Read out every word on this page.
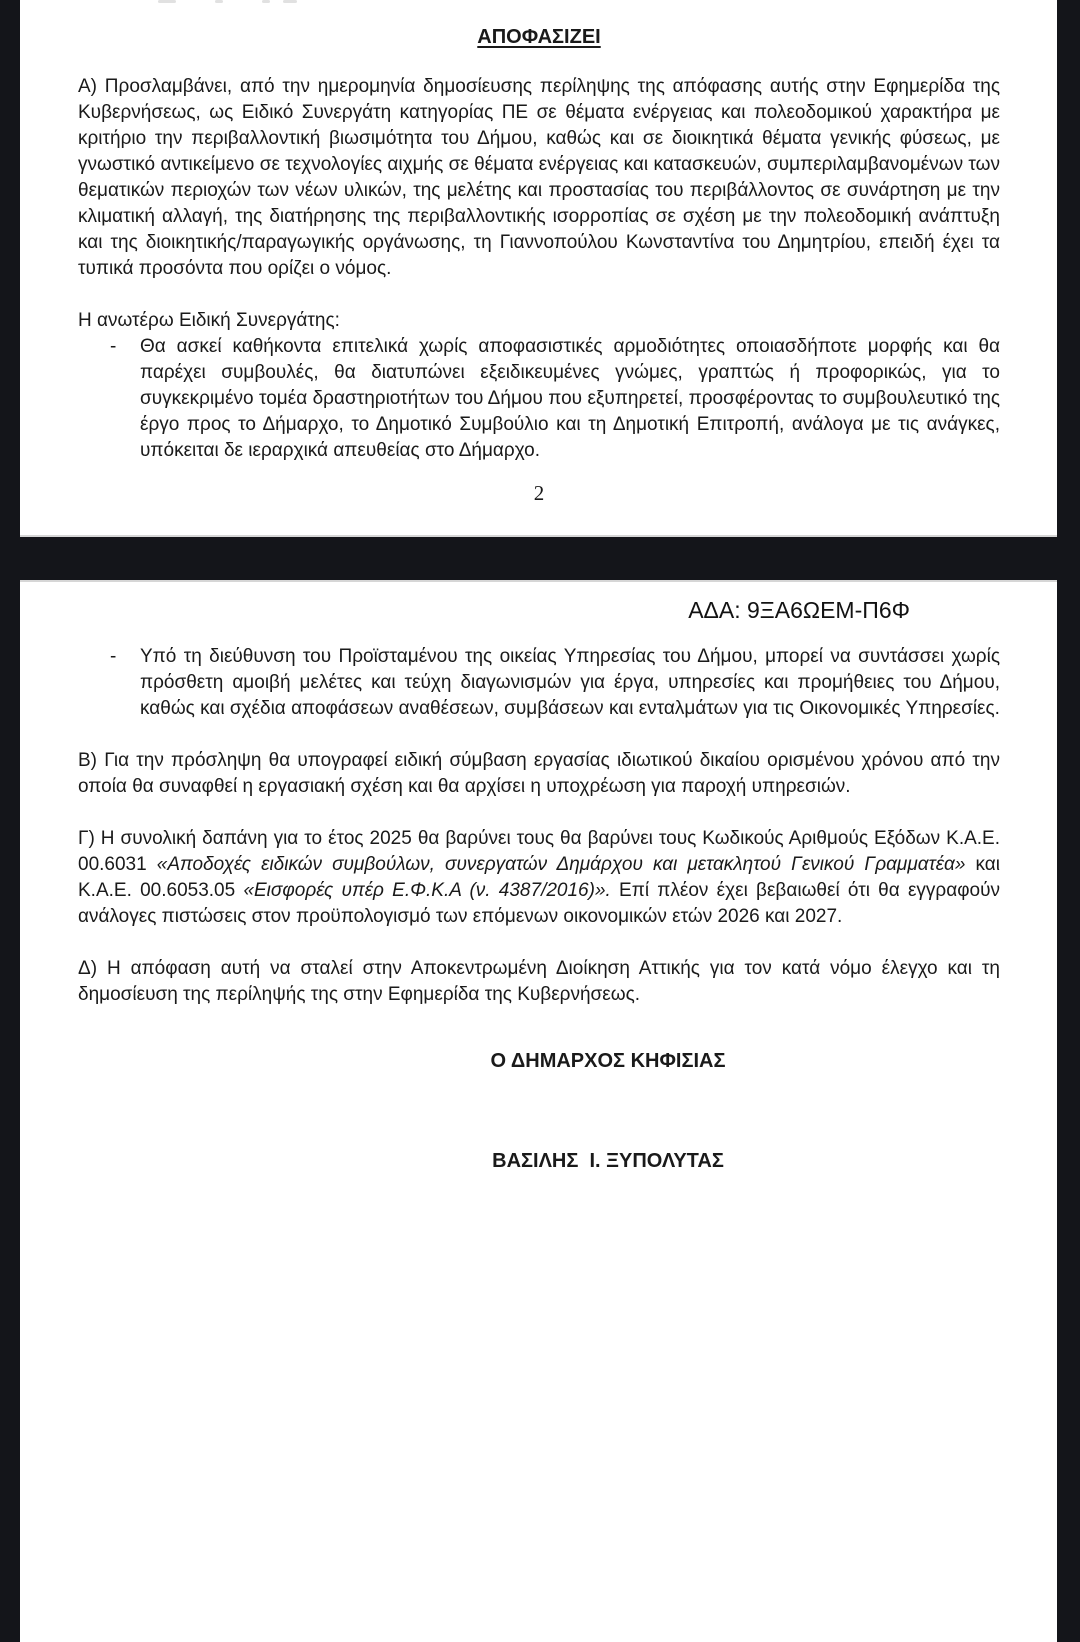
ΑΠΟΦΑΣΙΖΕΙ

Α) Προσλαμβάνει, από την ημερομηνία δημοσίευσης περίληψης της απόφασης αυτής στην Εφημερίδα της Κυβερνήσεως, ως Ειδικό Συνεργάτη κατηγορίας ΠΕ σε θέματα ενέργειας και πολεοδομικού χαρακτήρα με κριτήριο την περιβαλλοντική βιωσιμότητα του Δήμου, καθώς και σε διοικητικά θέματα γενικής φύσεως, με γνωστικό αντικείμενο σε τεχνολογίες αιχμής σε θέματα ενέργειας και κατασκευών, συμπεριλαμβανομένων των θεματικών περιοχών των νέων υλικών, της μελέτης και προστασίας του περιβάλλοντος σε συνάρτηση με την κλιματική αλλαγή, της διατήρησης της περιβαλλοντικής ισορροπίας σε σχέση με την πολεοδομική ανάπτυξη και της διοικητικής/παραγωγικής οργάνωσης, τη Γιαννοπούλου Κωνσταντίνα του Δημητρίου, επειδή έχει τα τυπικά προσόντα που ορίζει ο νόμος.

Η ανωτέρω Ειδική Συνεργάτης:

-	Θα ασκεί καθήκοντα επιτελικά χωρίς αποφασιστικές αρμοδιότητες οποιασδήποτε μορφής και θα παρέχει συμβουλές, θα διατυπώνει εξειδικευμένες γνώμες, γραπτώς ή προφορικώς, για το συγκεκριμένο τομέα δραστηριοτήτων του Δήμου που εξυπηρετεί, προσφέροντας το συμβουλευτικό της έργο προς το Δήμαρχο, το Δημοτικό Συμβούλιο και τη Δημοτική Επιτροπή, ανάλογα με τις ανάγκες, υπόκειται δε ιεραρχικά απευθείας στο Δήμαρχο.

2

ΑΔΑ: 9ΞΑ6ΩΕΜ-Π6Φ
-	Υπό τη διεύθυνση του Προϊσταμένου της οικείας Υπηρεσίας του Δήμου, μπορεί να συντάσσει χωρίς πρόσθετη αμοιβή μελέτες και τεύχη διαγωνισμών για έργα, υπηρεσίες και προμήθειες του Δήμου, καθώς και σχέδια αποφάσεων αναθέσεων, συμβάσεων και ενταλμάτων για τις Οικονομικές Υπηρεσίες.

Β) Για την πρόσληψη θα υπογραφεί ειδική σύμβαση εργασίας ιδιωτικού δικαίου ορισμένου χρόνου από την οποία θα συναφθεί η εργασιακή σχέση και θα αρχίσει η υποχρέωση για παροχή υπηρεσιών.

Γ) Η συνολική δαπάνη για το έτος 2025 θα βαρύνει τους θα βαρύνει τους Κωδικούς Αριθμούς Εξόδων Κ.Α.Ε. 00.6031 «Αποδοχές ειδικών συμβούλων, συνεργατών Δημάρχου και μετακλητού Γενικού Γραμματέα» και Κ.Α.Ε. 00.6053.05 «Εισφορές υπέρ Ε.Φ.Κ.Α (ν. 4387/2016)». Επί πλέον έχει βεβαιωθεί ότι θα εγγραφούν ανάλογες πιστώσεις στον προϋπολογισμό των επόμενων οικονομικών ετών 2026 και 2027.

Δ) Η απόφαση αυτή να σταλεί στην Αποκεντρωμένη Διοίκηση Αττικής για τον κατά νόμο έλεγχο και τη δημοσίευση της περίληψής της στην Εφημερίδα της Κυβερνήσεως.

Ο ΔΗΜΑΡΧΟΣ ΚΗΦΙΣΙΑΣ

ΒΑΣΙΛΗΣ  Ι. ΞΥΠΟΛΥΤΑΣ
